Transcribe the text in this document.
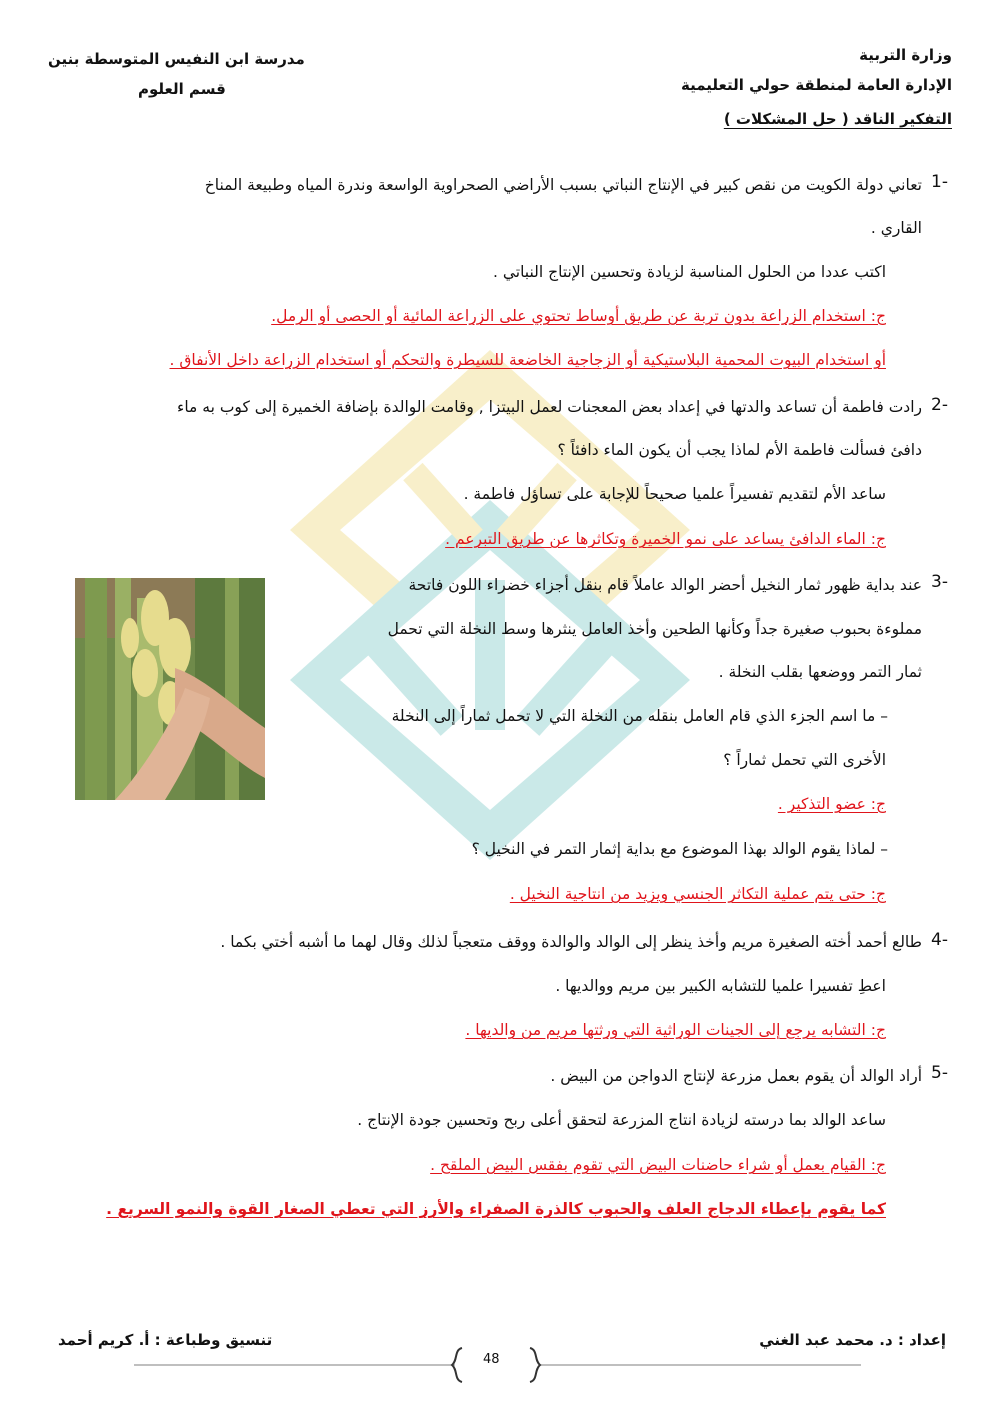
وزارة التربية
الإدارة العامة لمنطقة حولي التعليمية
التفكير الناقد ( حل المشكلات )
مدرسة ابن النفيس المتوسطة بنين
قسم العلوم
1-
تعاني دولة الكويت من نقص كبير في الإنتاج النباتي بسبب الأراضي الصحراوية الواسعة وندرة المياه وطبيعة المناخ
القاري .
اكتب عددا من الحلول المناسبة لزيادة وتحسين الإنتاج النباتي .
ج: استخدام الزراعة بدون تربة عن طريق أوساط تحتوي على الزراعة المائية أو الحصى أو الرمل.
أو استخدام البيوت المحمية البلاستيكية أو الزجاجية الخاضعة للسيطرة والتحكم أو استخدام الزراعة داخل الأنفاق .
2-
رادت فاطمة أن تساعد والدتها في إعداد بعض المعجنات لعمل البيتزا , وقامت الوالدة بإضافة الخميرة إلى كوب به ماء
دافئ فسألت فاطمة الأم لماذا يجب أن يكون الماء دافئاً ؟
ساعد الأم لتقديم تفسيراً علميا صحيحاً للإجابة على تساؤل فاطمة .
ج: الماء الدافئ يساعد على نمو الخميرة وتكاثرها عن طريق التبرعم .
3-
عند بداية ظهور ثمار النخيل أحضر الوالد عاملاً قام بنقل أجزاء خضراء اللون فاتحة
مملوءة بحبوب صغيرة جداً وكأنها الطحين وأخذ العامل ينثرها وسط النخلة التي تحمل
ثمار التمر ووضعها بقلب النخلة .
– ما اسم الجزء الذي قام العامل بنقله من النخلة التي لا تحمل ثماراً إلى النخلة
الأخرى التي تحمل ثماراً ؟
ج: عضو التذكير .
– لماذا يقوم الوالد بهذا الموضوع مع بداية إثمار التمر في النخيل ؟
ج: حتى يتم عملية التكاثر الجنسي ويزيد من انتاجية النخيل .
4-
طالع أحمد أخته الصغيرة مريم وأخذ ينظر إلى الوالد والوالدة ووقف متعجباً لذلك وقال لهما ما أشبه أختي بكما .
اعطِ تفسيرا علميا للتشابه الكبير بين مريم ووالديها .
ج: التشابه يرجع إلى الجينات الوراثية التي ورثتها مريم من والديها .
5-
أراد الوالد أن يقوم بعمل مزرعة لإنتاج الدواجن من البيض .
ساعد الوالد بما درسته لزيادة انتاج المزرعة لتحقق أعلى ربح وتحسين جودة الإنتاج .
ج: القيام بعمل أو شراء حاضنات البيض التي تقوم بفقس البيض الملقح .
كما يقوم بإعطاء الدجاج العلف والحبوب كالذرة الصفراء والأرز التي تعطي الصغار القوة والنمو السريع .
إعداد : د. محمد عبد الغني
تنسيق وطباعة : أ. كريم أحمد
48
